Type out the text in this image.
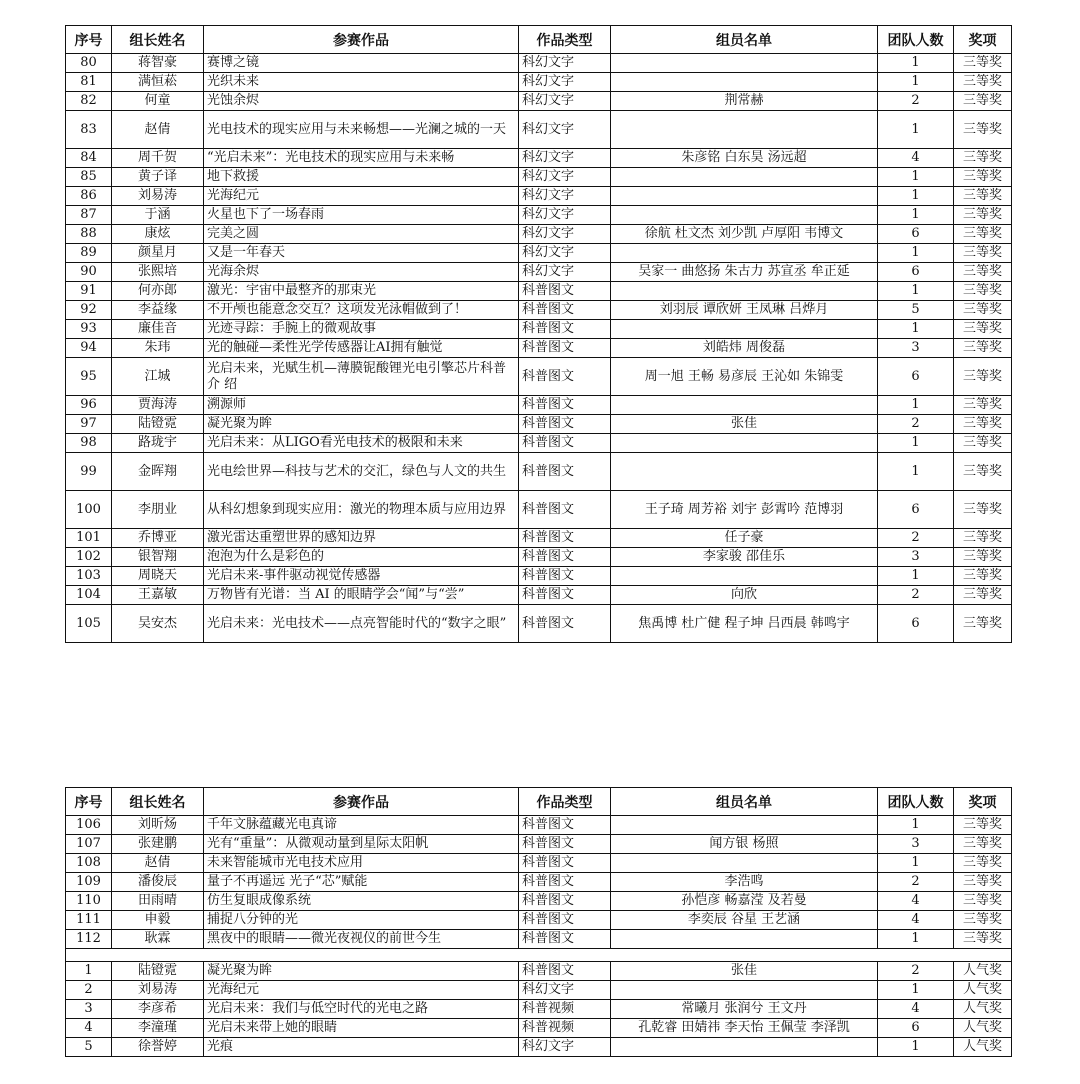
序号	组长姓名	参赛作品	作品类型	组员名单	团队人数	奖项
80	蒋智豪	赛博之镜	科幻文字		1	三等奖
81	满恒菘	光织未来	科幻文字		1	三等奖
82	何童	光蚀余烬	科幻文字	荆常赫	2	三等奖
83	赵倩	光电技术的现实应用与未来畅想——光澜之城的一天	科幻文字		1	三等奖
84	周千贺	“光启未来”：光电技术的现实应用与未来畅	科幻文字	朱彦铭 白东昊 汤远超	4	三等奖
85	黄子译	地下救援	科幻文字		1	三等奖
86	刘易涛	光海纪元	科幻文字		1	三等奖
87	于涵	火星也下了一场春雨	科幻文字		1	三等奖
88	康炫	完美之圆	科幻文字	徐航 杜文杰 刘少凯 卢厚阳 韦博文	6	三等奖
89	颜星月	又是一年春天	科幻文字		1	三等奖
90	张熙培	光海余烬	科幻文字	吴家一 曲悠扬 朱古力 苏宣丞 牟正延	6	三等奖
91	何亦郎	激光：宇宙中最整齐的那束光	科普图文		1	三等奖
92	李益缘	不开颅也能意念交互？这项发光泳帽做到了！	科普图文	刘羽辰 谭欣妍 王凤琳 吕烨月	5	三等奖
93	廉佳音	光迹寻踪：手腕上的微观故事	科普图文		1	三等奖
94	朱玮	光的触碰—柔性光学传感器让AI拥有触觉	科普图文	刘皓炜 周俊磊	3	三等奖
95	江城	光启未来，光赋生机—薄膜铌酸锂光电引擎芯片科普介 绍	科普图文	周一旭 王畅 易彦辰 王沁如 朱锦雯	6	三等奖
96	贾海涛	溯源师	科普图文		1	三等奖
97	陆镫霓	凝光聚为眸	科普图文	张佳	2	三等奖
98	路珑宇	光启未来：从LIGO看光电技术的极限和未来	科普图文		1	三等奖
99	金晖翔	光电绘世界—科技与艺术的交汇，绿色与人文的共生	科普图文		1	三等奖
100	李朋业	从科幻想象到现实应用：激光的物理本质与应用边界	科普图文	王子琦 周芳裕 刘宇 彭霄吟 范博羽	6	三等奖
101	乔博亚	激光雷达重塑世界的感知边界	科普图文	任子豪	2	三等奖
102	银智翔	泡泡为什么是彩色的	科普图文	李家骏 邵佳乐	3	三等奖
103	周晓天	光启未来-事件驱动视觉传感器	科普图文		1	三等奖
104	王嘉敏	万物皆有光谱：当 AI 的眼睛学会“闻”与“尝”	科普图文	向欣	2	三等奖
105	吴安杰	光启未来：光电技术——点亮智能时代的“数字之眼”	科普图文	焦禹博 杜广健 程子坤 吕西晨 韩鸣宇	6	三等奖
序号	组长姓名	参赛作品	作品类型	组员名单	团队人数	奖项
106	刘昕炀	千年文脉蕴藏光电真谛	科普图文		1	三等奖
107	张建鹏	光有“重量”：从微观动量到星际太阳帆	科普图文	闻方银 杨照	3	三等奖
108	赵倩	未来智能城市光电技术应用	科普图文		1	三等奖
109	潘俊辰	量子不再遥远 光子“芯”赋能	科普图文	李浩鸣	2	三等奖
110	田雨晴	仿生复眼成像系统	科普图文	孙恺彦 畅嘉滢 及若曼	4	三等奖
111	申毅	捕捉八分钟的光	科普图文	李奕辰 谷星 王艺涵	4	三等奖
112	耿霖	黑夜中的眼睛——微光夜视仪的前世今生	科普图文		1	三等奖

1	陆镫霓	凝光聚为眸	科普图文	张佳	2	人气奖
2	刘易涛	光海纪元	科幻文字		1	人气奖
3	李彦希	光启未来：我们与低空时代的光电之路	科普视频	常曦月 张润兮 王文丹	4	人气奖
4	李潼瑾	光启未来带上她的眼睛	科普视频	孔乾睿 田婧祎 李天怡 王佩莹 李泽凯	6	人气奖
5	徐誉婷	光痕	科幻文字		1	人气奖
